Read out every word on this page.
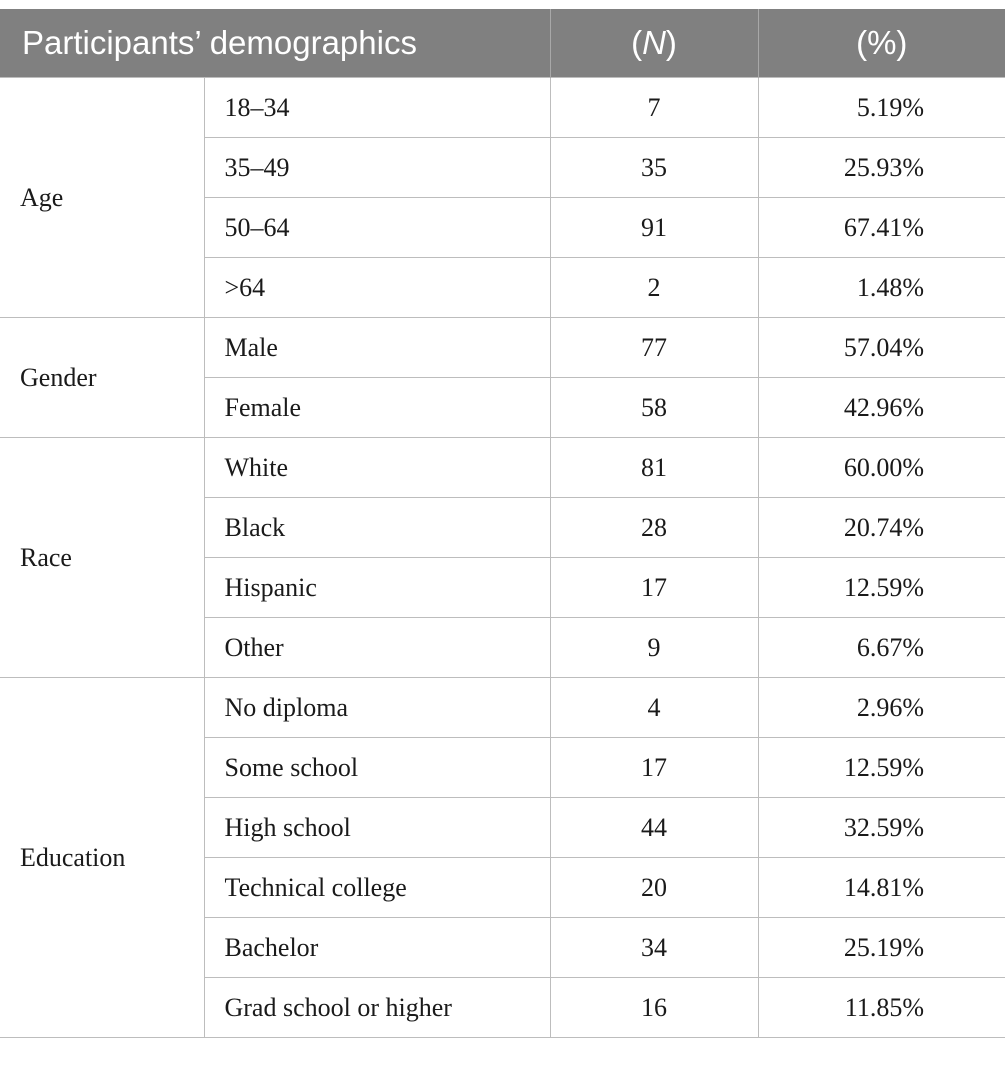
Participants’ demographics		(N)	(%)
Age	18–34	7	5.19%
	35–49	35	25.93%
	50–64	91	67.41%
	>64	2	1.48%
Gender	Male	77	57.04%
	Female	58	42.96%
Race	White	81	60.00%
	Black	28	20.74%
	Hispanic	17	12.59%
	Other	9	6.67%
Education	No diploma	4	2.96%
	Some school	17	12.59%
	High school	44	32.59%
	Technical college	20	14.81%
	Bachelor	34	25.19%
	Grad school or higher	16	11.85%
